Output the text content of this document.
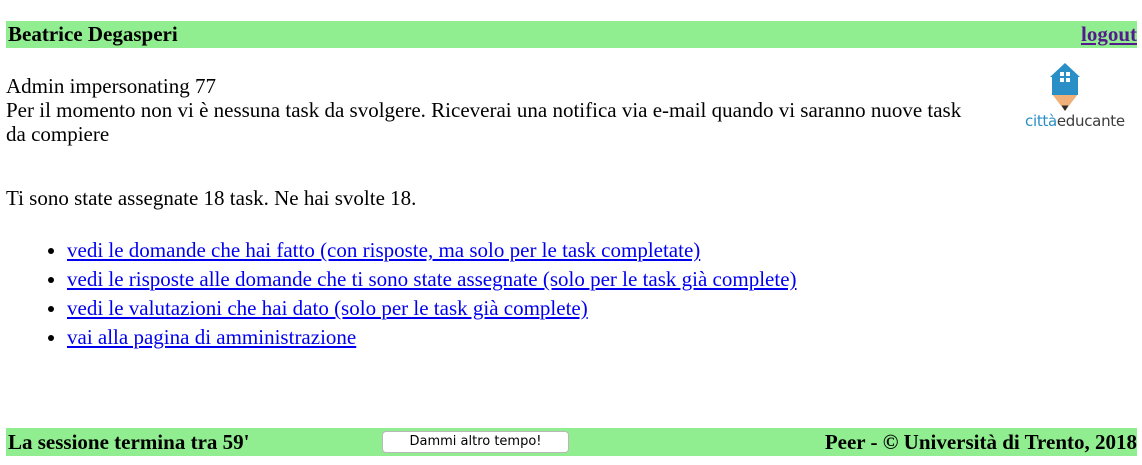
Beatrice Degasperi	logout
cittàeducante
Admin impersonating 77
Per il momento non vi è nessuna task da svolgere. Riceverai una notifica via e-mail quando vi saranno nuove task
da compiere
Ti sono state assegnate 18 task. Ne hai svolte 18.
• vedi le domande che hai fatto (con risposte, ma solo per le task completate)
• vedi le risposte alle domande che ti sono state assegnate (solo per le task già complete)
• vedi le valutazioni che hai dato (solo per le task già complete)
• vai alla pagina di amministrazione
La sessione termina tra 59'	Dammi altro tempo!	Peer - © Università di Trento, 2018
